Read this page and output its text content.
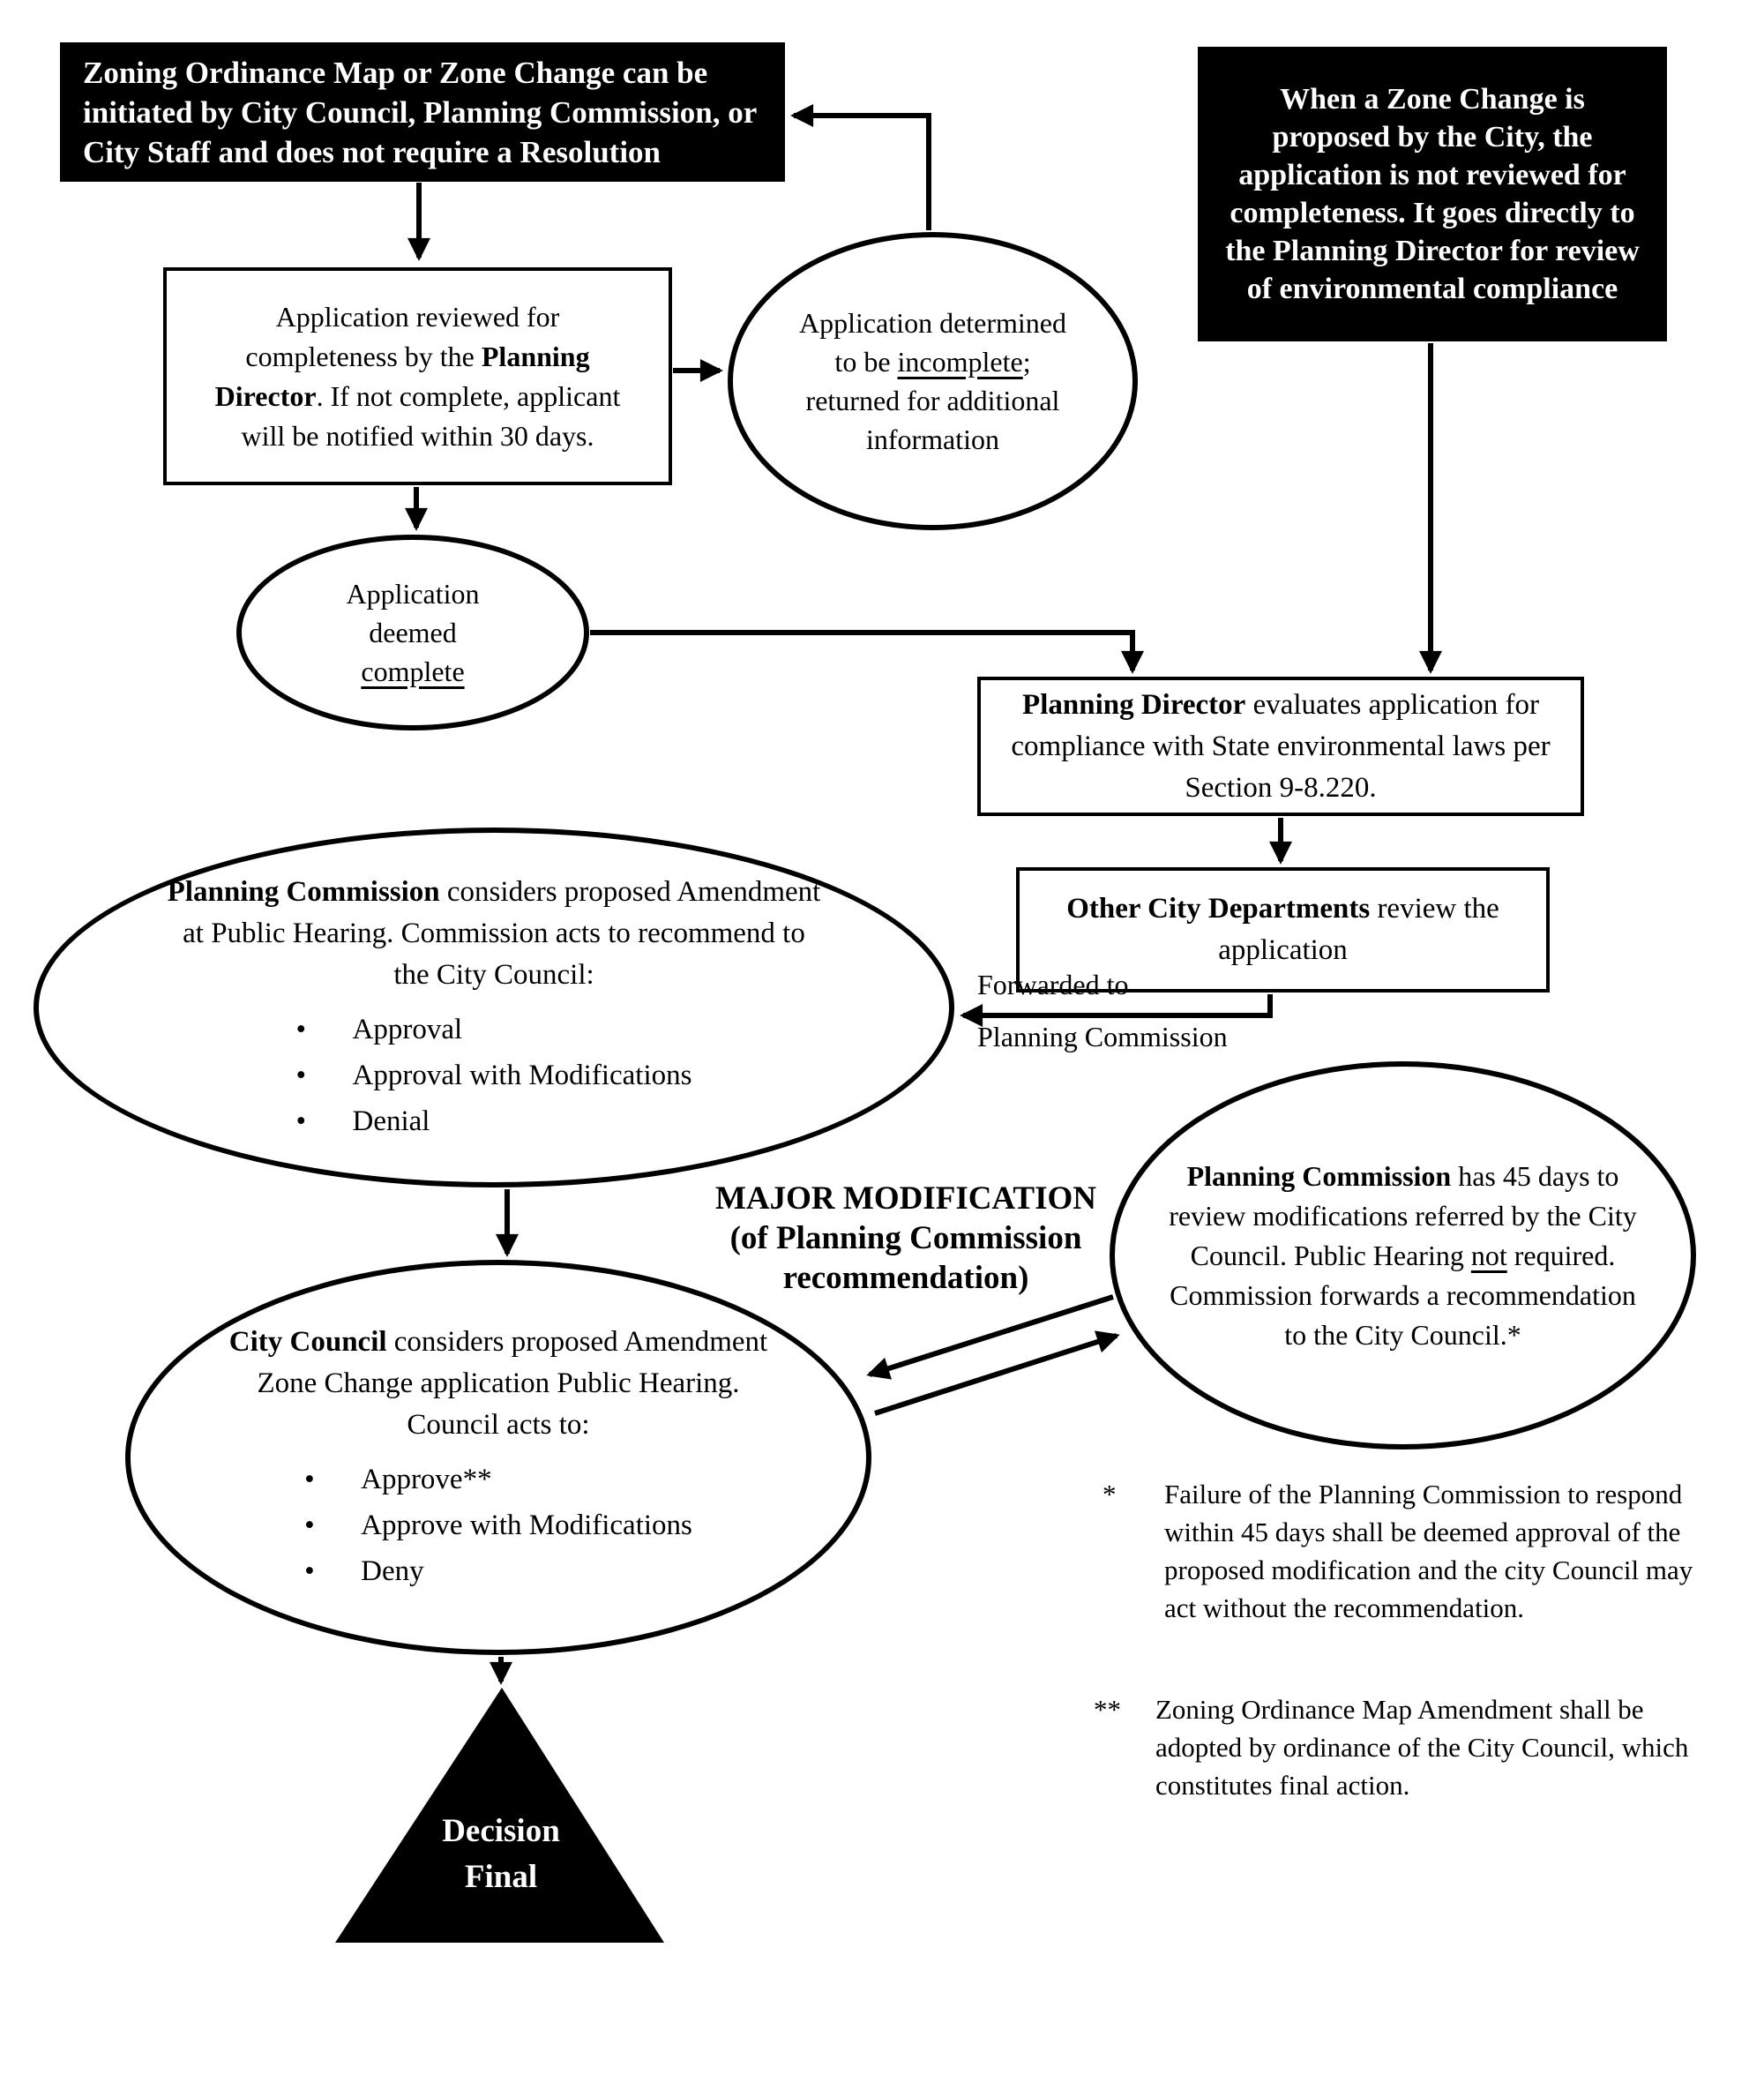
Zoning Ordinance Map or Zone Change can be initiated by City Council, Planning Commission, or City Staff and does not require a Resolution
When a Zone Change is proposed by the City, the application is not reviewed for completeness. It goes directly to the Planning Director for review of environmental compliance
Application reviewed for completeness by the Planning Director. If not complete, applicant will be notified within 30 days.
Application determined to be incomplete; returned for additional information
Application deemed complete
Planning Director evaluates application for compliance with State environmental laws per Section 9-8.220.
Other City Departments review the application
Forwarded to
Planning Commission
Planning Commission considers proposed Amendment at Public Hearing. Commission acts to recommend to the City Council:
•
Approval
•
Approval with Modifications
•
Denial
MAJOR MODIFICATION
(of Planning Commission
recommendation)
City Council considers proposed Amendment Zone Change application Public Hearing. Council acts to:
•
Approve**
•
Approve with Modifications
•
Deny
Planning Commission has 45 days to review modifications referred by the City Council. Public Hearing not required. Commission forwards a recommendation to the City Council.*
*	Failure of the Planning Commission to respond within 45 days shall be deemed approval of the proposed modification and the city Council may act without the recommendation.
**	Zoning Ordinance Map Amendment shall be adopted by ordinance of the City Council, which constitutes final action.
Decision
Final
